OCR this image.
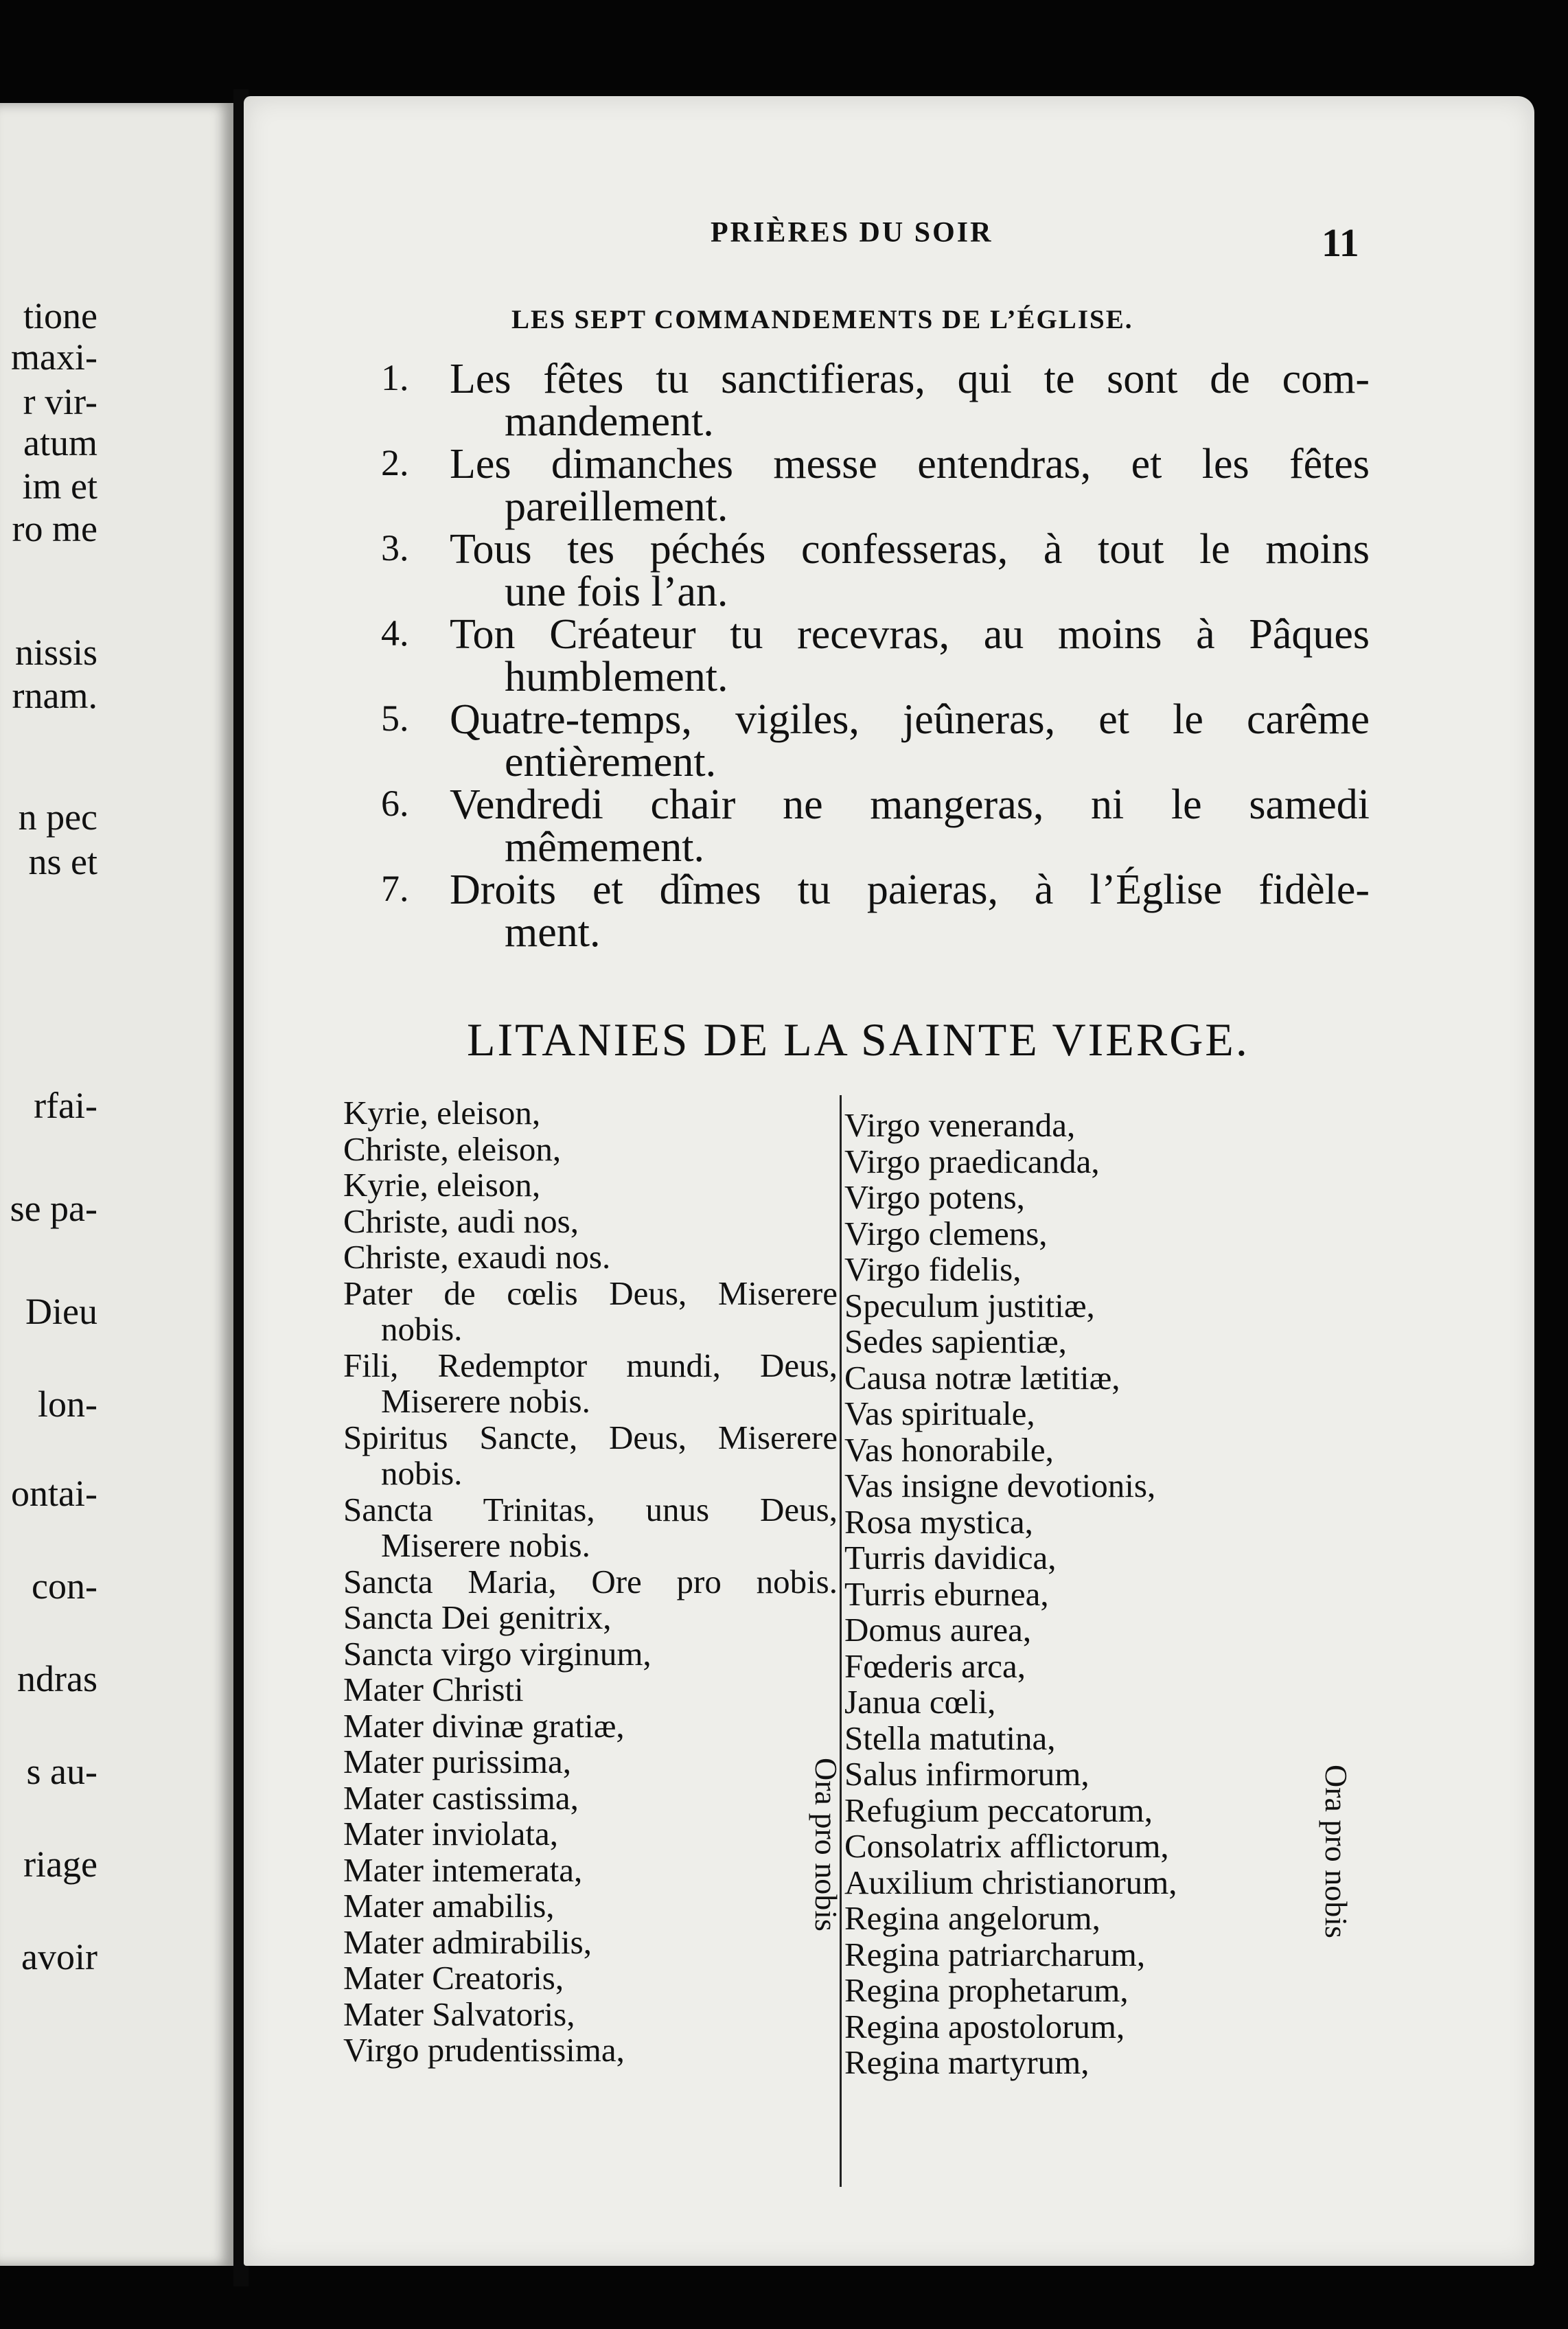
tione
maxi-
r vir-
atum
im et
ro me
nissis
rnam.
n pec
ns et
rfai-
se pa-
Dieu
lon-
ontai-
con-
ndras
s au-
riage
avoir
PRIÈRES DU SOIR	11
LES SEPT COMMANDEMENTS DE L’ÉGLISE.
1. Les fêtes tu sanctifieras, qui te sont de com-
mandement.
2. Les dimanches messe entendras, et les fêtes
pareillement.
3. Tous tes péchés confesseras, à tout le moins
une fois l’an.
4. Ton Créateur tu recevras, au moins à Pâques
humblement.
5. Quatre-temps, vigiles, jeûneras, et le carême
entièrement.
6. Vendredi chair ne mangeras, ni le samedi
mêmement.
7. Droits et dîmes tu paieras, à l’Église fidèle-
ment.
LITANIES DE LA SAINTE VIERGE.
Kyrie, eleison,
Christe, eleison,
Kyrie, eleison,
Christe, audi nos,
Christe, exaudi nos.
Pater de cœlis Deus, Miserere
nobis.
Fili, Redemptor mundi, Deus,
Miserere nobis.
Spiritus Sancte, Deus, Miserere
nobis.
Sancta Trinitas, unus Deus,
Miserere nobis.
Sancta Maria, Ore pro nobis.
Sancta Dei genitrix,
Sancta virgo virginum,
Mater Christi
Mater divinæ gratiæ,
Mater purissima,
Mater castissima,
Mater inviolata,
Mater intemerata,
Mater amabilis,
Mater admirabilis,
Mater Creatoris,
Mater Salvatoris,
Virgo prudentissima,
Virgo veneranda,
Virgo praedicanda,
Virgo potens,
Virgo clemens,
Virgo fidelis,
Speculum justitiæ,
Sedes sapientiæ,
Causa notræ lætitiæ,
Vas spirituale,
Vas honorabile,
Vas insigne devotionis,
Rosa mystica,
Turris davidica,
Turris eburnea,
Domus aurea,
Fœderis arca,
Janua cœli,
Stella matutina,
Salus infirmorum,
Refugium peccatorum,
Consolatrix afflictorum,
Auxilium christianorum,
Regina angelorum,
Regina patriarcharum,
Regina prophetarum,
Regina apostolorum,
Regina martyrum,
Ora pro nobis	Ora pro nobis
